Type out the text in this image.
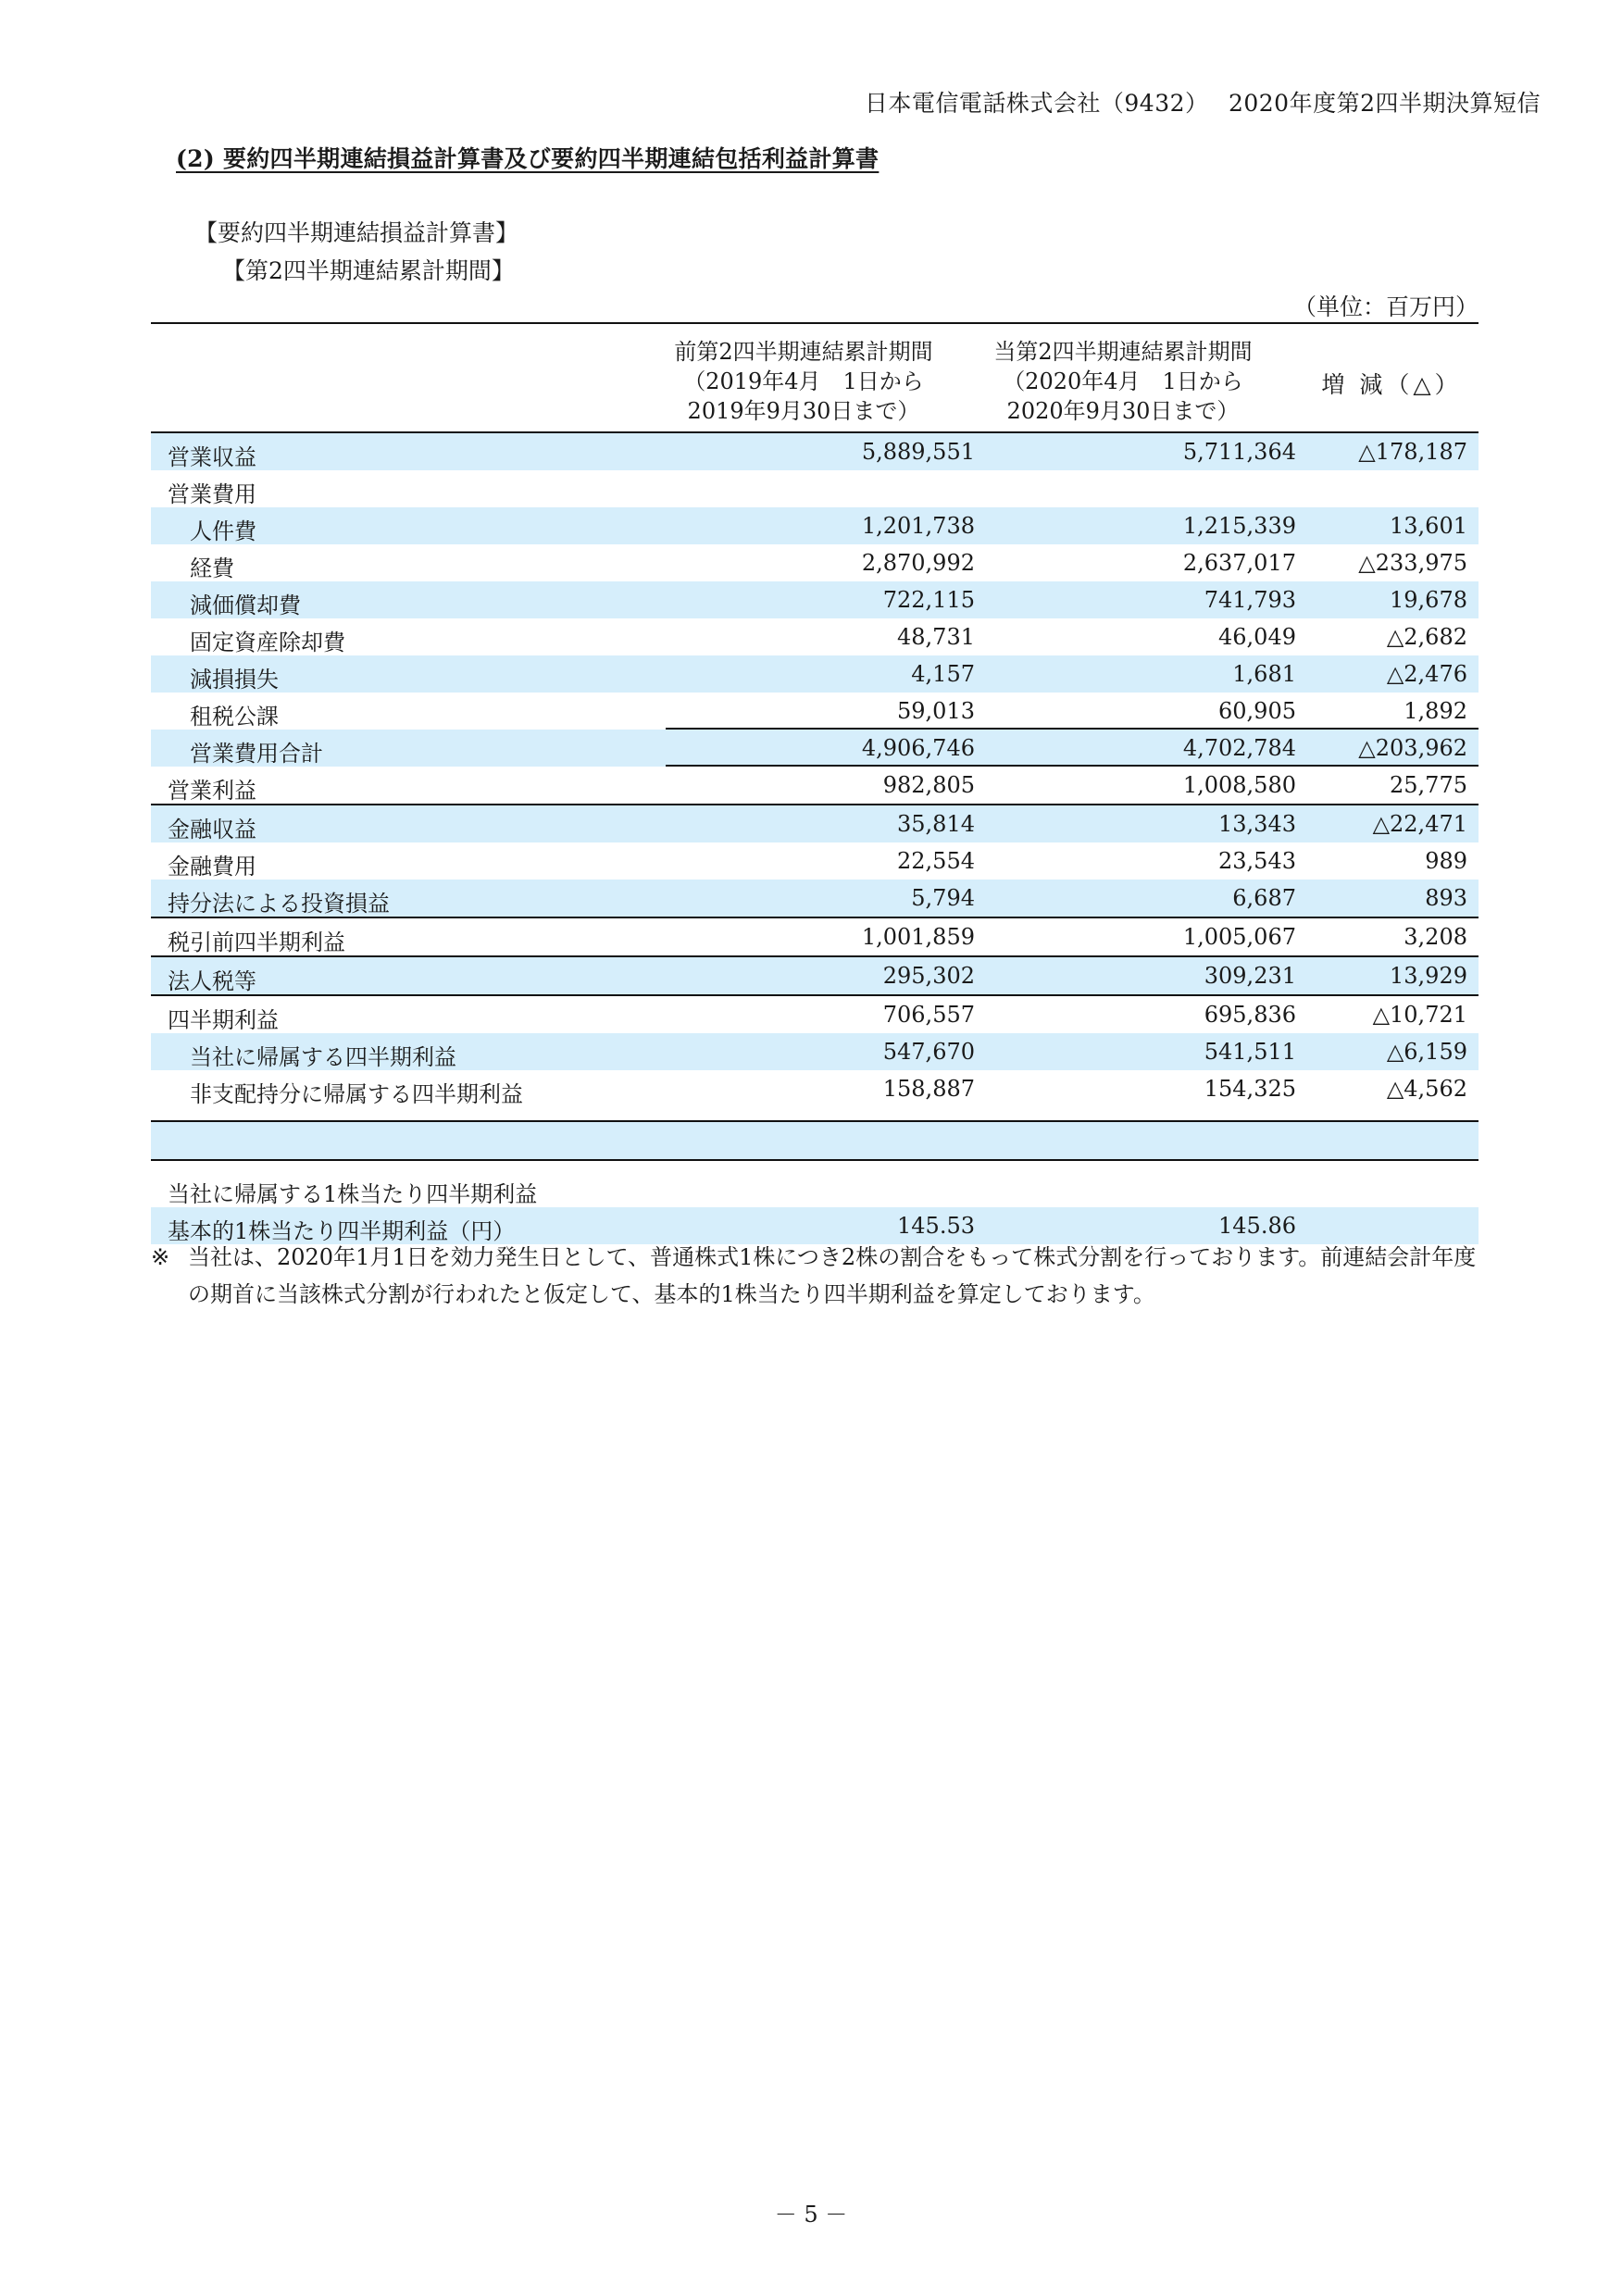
日本電信電話株式会社（9432）　 2020年度第2四半期決算短信
(2) 要約四半期連結損益計算書及び要約四半期連結包括利益計算書
【要約四半期連結損益計算書】
【第2四半期連結累計期間】
（単位：百万円）
前第2四半期連結累計期間
（2019年4月　1日から
2019年9月30日まで）
当第2四半期連結累計期間
（2020年4月　1日から
2020年9月30日まで）
増 減（△）
営業収益	5,889,551	5,711,364	△178,187
営業費用
人件費	1,201,738	1,215,339	13,601
経費	2,870,992	2,637,017	△233,975
減価償却費	722,115	741,793	19,678
固定資産除却費	48,731	46,049	△2,682
減損損失	4,157	1,681	△2,476
租税公課	59,013	60,905	1,892
営業費用合計	4,906,746	4,702,784	△203,962
営業利益	982,805	1,008,580	25,775
金融収益	35,814	13,343	△22,471
金融費用	22,554	23,543	989
持分法による投資損益	5,794	6,687	893
税引前四半期利益	1,001,859	1,005,067	3,208
法人税等	295,302	309,231	13,929
四半期利益	706,557	695,836	△10,721
当社に帰属する四半期利益	547,670	541,511	△6,159
非支配持分に帰属する四半期利益	158,887	154,325	△4,562
当社に帰属する1株当たり四半期利益
基本的1株当たり四半期利益（円）	145.53	145.86
※ 当社は、2020年1月1日を効力発生日として、普通株式1株につき2株の割合をもって株式分割を行っております。前連結会計年度の期首に当該株式分割が行われたと仮定して、基本的1株当たり四半期利益を算定しております。
－ 5 －
